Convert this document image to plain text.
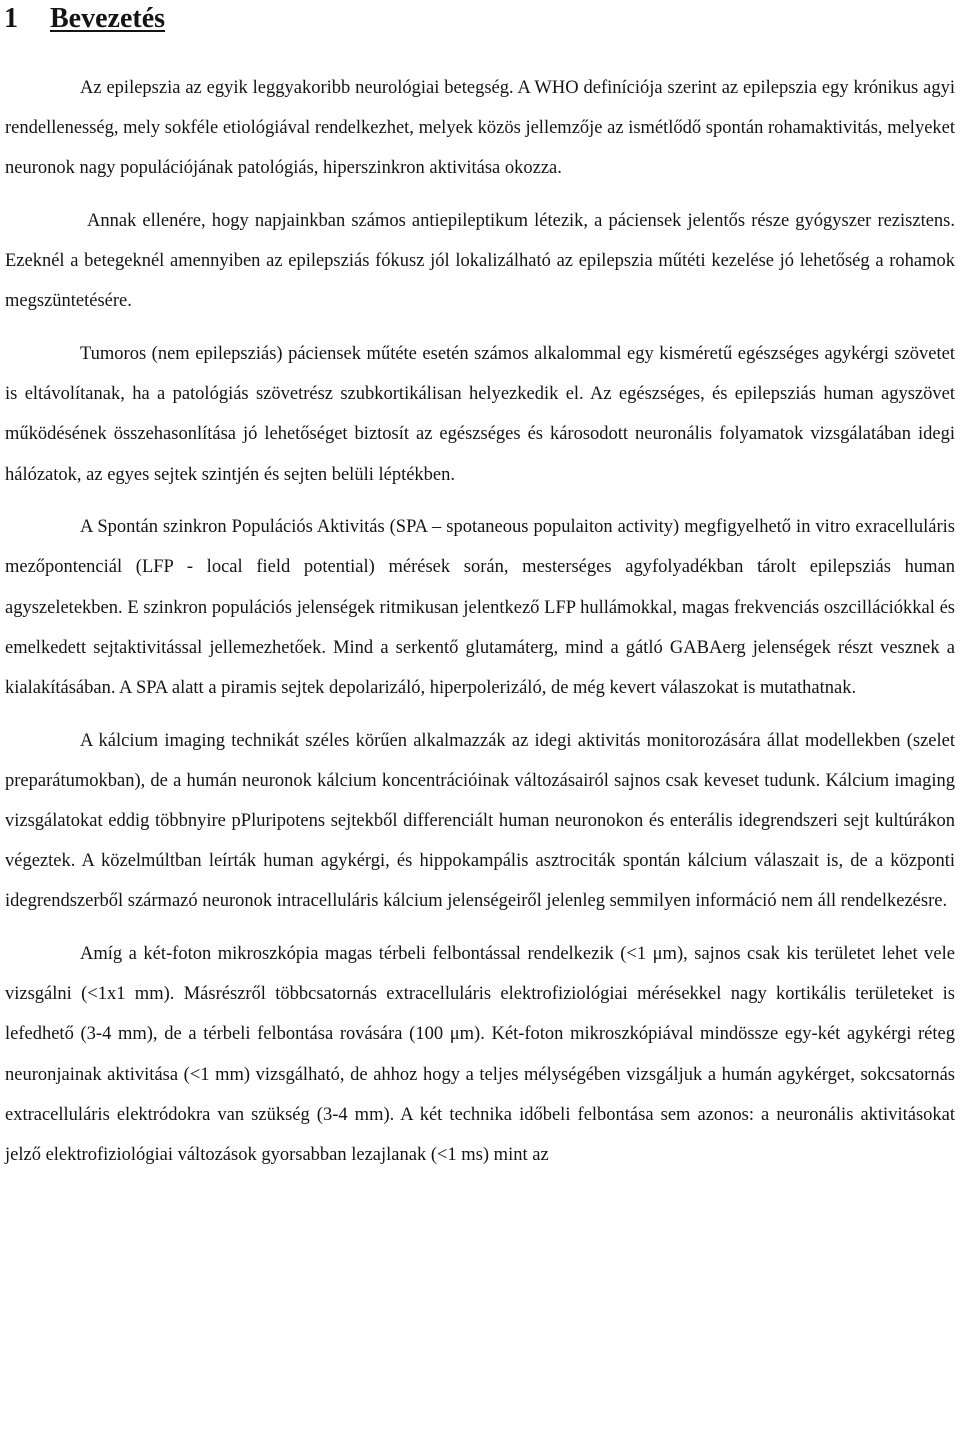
1 Bevezetés

Az epilepszia az egyik leggyakoribb neurológiai betegség. A WHO definíciója szerint az epilepszia egy krónikus agyi rendellenesség, mely sokféle etiológiával rendelkezhet, melyek közös jellemzője az ismétlődő spontán rohamaktivitás, melyeket neuronok nagy populációjának patológiás, hiperszinkron aktivitása okozza.

Annak ellenére, hogy napjainkban számos antiepileptikum létezik, a páciensek jelentős része gyógyszer rezisztens. Ezeknél a betegeknél amennyiben az epilepsziás fókusz jól lokalizálható az epilepszia műtéti kezelése jó lehetőség a rohamok megszüntetésére.

Tumoros (nem epilepsziás) páciensek műtéte esetén számos alkalommal egy kisméretű egészséges agykérgi szövetet is eltávolítanak, ha a patológiás szövetrész szubkortikálisan helyezkedik el. Az egészséges, és epilepsziás human agyszövet működésének összehasonlítása jó lehetőséget biztosít az egészséges és károsodott neuronális folyamatok vizsgálatában idegi hálózatok, az egyes sejtek szintjén és sejten belüli léptékben.

A Spontán szinkron Populációs Aktivitás (SPA – spotaneous populaiton activity) megfigyelhető in vitro exracelluláris mezőpontenciál (LFP - local field potential) mérések során, mesterséges agyfolyadékban tárolt epilepsziás human agyszeletekben. E szinkron populációs jelenségek ritmikusan jelentkező LFP hullámokkal, magas frekvenciás oszcillációkkal és emelkedett sejtaktivitással jellemezhetőek. Mind a serkentő glutamáterg, mind a gátló GABAerg jelenségek részt vesznek a kialakításában. A SPA alatt a piramis sejtek depolarizáló, hiperpolerizáló, de még kevert válaszokat is mutathatnak.

A kálcium imaging technikát széles körűen alkalmazzák az idegi aktivitás monitorozására állat modellekben (szelet preparátumokban), de a humán neuronok kálcium koncentrációinak változásairól sajnos csak keveset tudunk. Kálcium imaging vizsgálatokat eddig többnyire pPluripotens sejtekből differenciált human neuronokon és enterális idegrendszeri sejt kultúrákon végeztek. A közelmúltban leírták human agykérgi, és hippokampális asztrociták spontán kálcium válaszait is, de a központi idegrendszerből származó neuronok intracelluláris kálcium jelenségeiről jelenleg semmilyen információ nem áll rendelkezésre.

Amíg a két-foton mikroszkópia magas térbeli felbontással rendelkezik (<1 μm), sajnos csak kis területet lehet vele vizsgálni (<1x1 mm). Másrészről többcsatornás extracelluláris elektrofiziológiai mérésekkel nagy kortikális területeket is lefedhető (3-4 mm), de a térbeli felbontása rovására (100 μm). Két-foton mikroszkópiával mindössze egy-két agykérgi réteg neuronjainak aktivitása (<1 mm) vizsgálható, de ahhoz hogy a teljes mélységében vizsgáljuk a humán agykérget, sokcsatornás extracelluláris elektródokra van szükség (3-4 mm). A két technika időbeli felbontása sem azonos: a neuronális aktivitásokat jelző elektrofiziológiai változások gyorsabban lezajlanak (<1 ms) mint az
